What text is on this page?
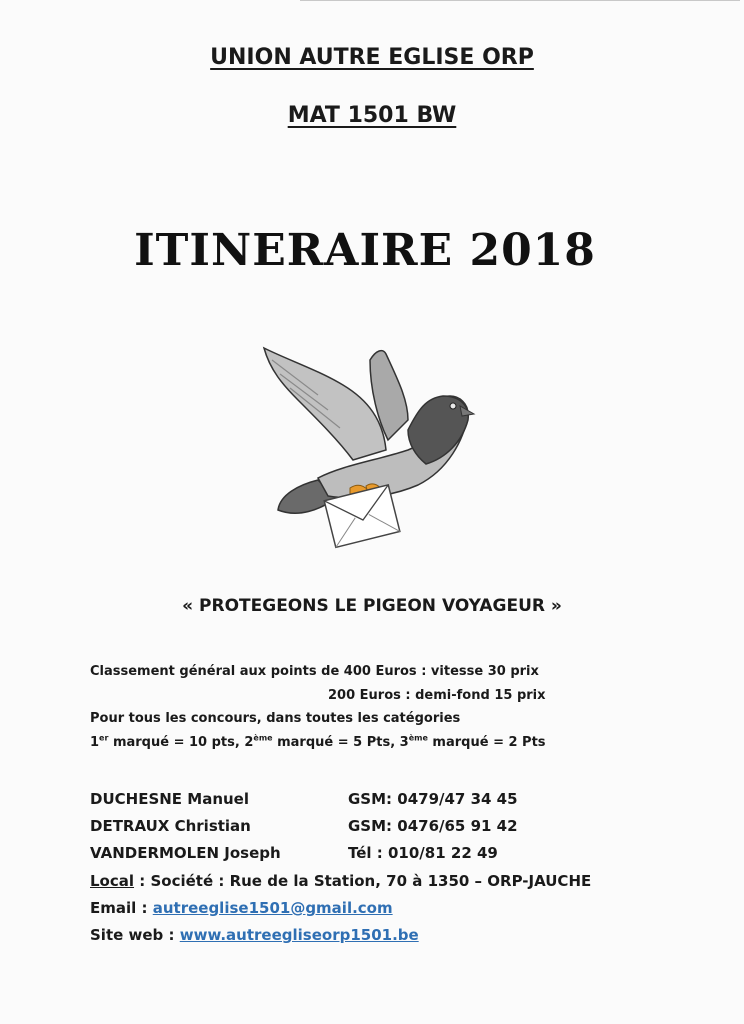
UNION AUTRE EGLISE ORP
MAT 1501 BW
ITINERAIRE 2018
« PROTEGEONS LE PIGEON VOYAGEUR »
Classement général aux points de 400 Euros : vitesse 30 prix
200 Euros : demi-fond 15 prix
Pour tous les concours, dans toutes les catégories
1er marqué = 10 pts, 2ème marqué = 5 Pts, 3ème marqué = 2 Pts
DUCHESNE Manuel	GSM: 0479/47 34 45
DETRAUX Christian	GSM: 0476/65 91 42
VANDERMOLEN Joseph	Tél : 010/81 22 49
Local : Société : Rue de la Station, 70 à 1350 – ORP-JAUCHE
Email : autreeglise1501@gmail.com
Site web : www.autreegliseorp1501.be
